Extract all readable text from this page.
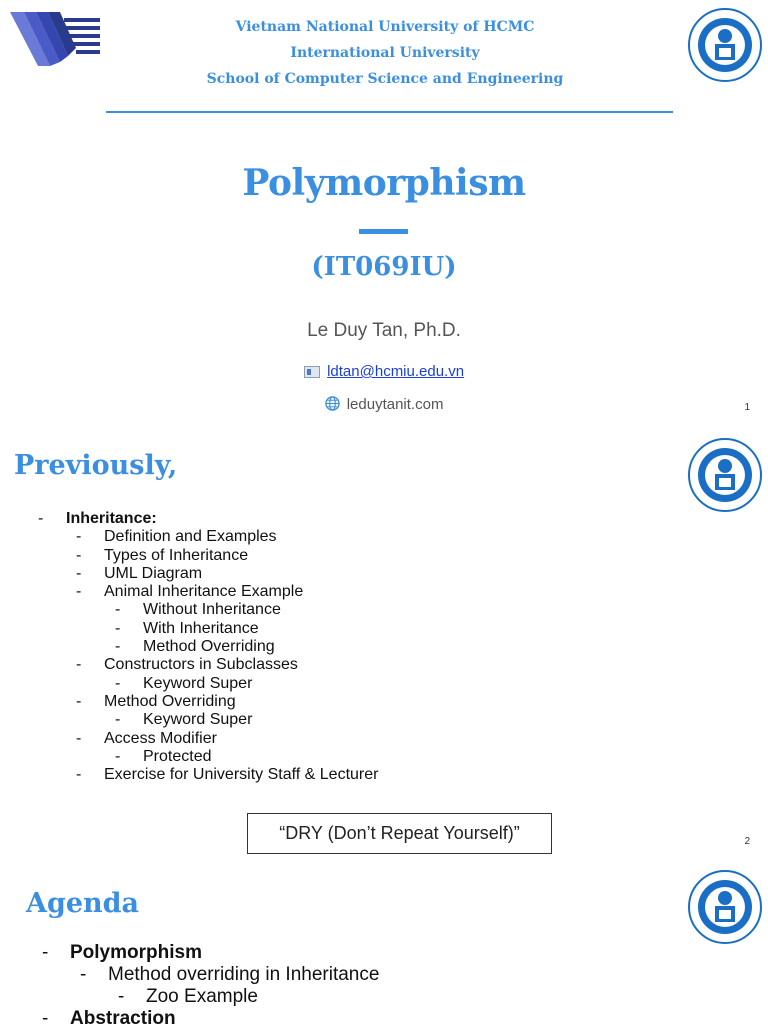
Vietnam National University of HCMC
International University
School of Computer Science and Engineering
Polymorphism
(IT069IU)
Le Duy Tan, Ph.D.
ldtan@hcmiu.edu.vn
leduytanit.com	1
Previously,
- Inheritance:
- Definition and Examples
- Types of Inheritance
- UML Diagram
- Animal Inheritance Example
- Without Inheritance
- With Inheritance
- Method Overriding
- Constructors in Subclasses
- Keyword Super
- Method Overriding
- Keyword Super
- Access Modifier
- Protected
- Exercise for University Staff & Lecturer
“DRY (Don’t Repeat Yourself)”	2
Agenda
- Polymorphism
- Method overriding in Inheritance
- Zoo Example
- Abstraction
